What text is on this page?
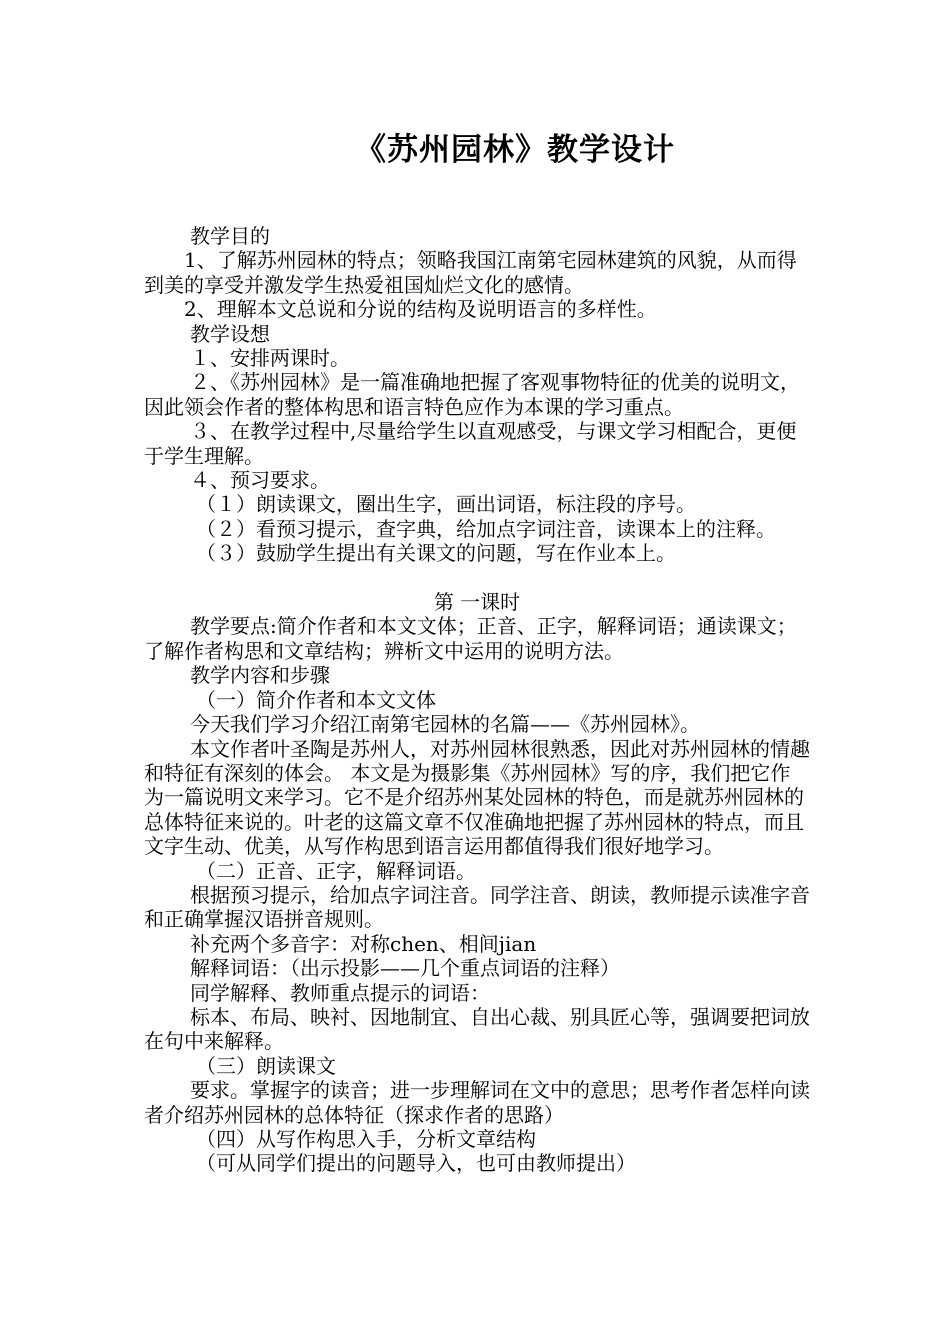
《苏州园林》教学设计

教学目的

1、了解苏州园林的特点；领略我国江南第宅园林建筑的风貌，从而得到美的享受并激发学生热爱祖国灿烂文化的感情。

2、理解本文总说和分说的结构及说明语言的多样性。

教学设想

１、安排两课时。

２、《苏州园林》是一篇准确地把握了客观事物特征的优美的说明文，因此领会作者的整体构思和语言特色应作为本课的学习重点。

３、在教学过程中,尽量给学生以直观感受，与课文学习相配合，更便于学生理解。

４、预习要求。

（１）朗读课文，圈出生字，画出词语，标注段的序号。

（２）看预习提示，查字典，给加点字词注音，读课本上的注释。

（３）鼓励学生提出有关课文的问题，写在作业本上。

第 一课时

教学要点:简介作者和本文文体；正音、正字，解释词语；通读课文；了解作者构思和文章结构；辨析文中运用的说明方法。

教学内容和步骤

（一）简介作者和本文文体

今天我们学习介绍江南第宅园林的名篇——《苏州园林》。

本文作者叶圣陶是苏州人，对苏州园林很熟悉，因此对苏州园林的情趣和特征有深刻的体会。 本文是为摄影集《苏州园林》写的序，我们把它作为一篇说明文来学习。它不是介绍苏州某处园林的特色，而是就苏州园林的总体特征来说的。叶老的这篇文章不仅准确地把握了苏州园林的特点，而且文字生动、优美，从写作构思到语言运用都值得我们很好地学习。

（二）正音、正字，解释词语。

根据预习提示，给加点字词注音。同学注音、朗读，教师提示读准字音和正确掌握汉语拼音规则。

补充两个多音字：对称chen、相间jian

解释词语：（出示投影——几个重点词语的注释）

同学解释、教师重点提示的词语：

标本、布局、映衬、因地制宜、自出心裁、别具匠心等，强调要把词放在句中来解释。

（三）朗读课文

要求。掌握字的读音；进一步理解词在文中的意思；思考作者怎样向读者介绍苏州园林的总体特征（探求作者的思路）

（四）从写作构思入手，分析文章结构

（可从同学们提出的问题导入，也可由教师提出）
